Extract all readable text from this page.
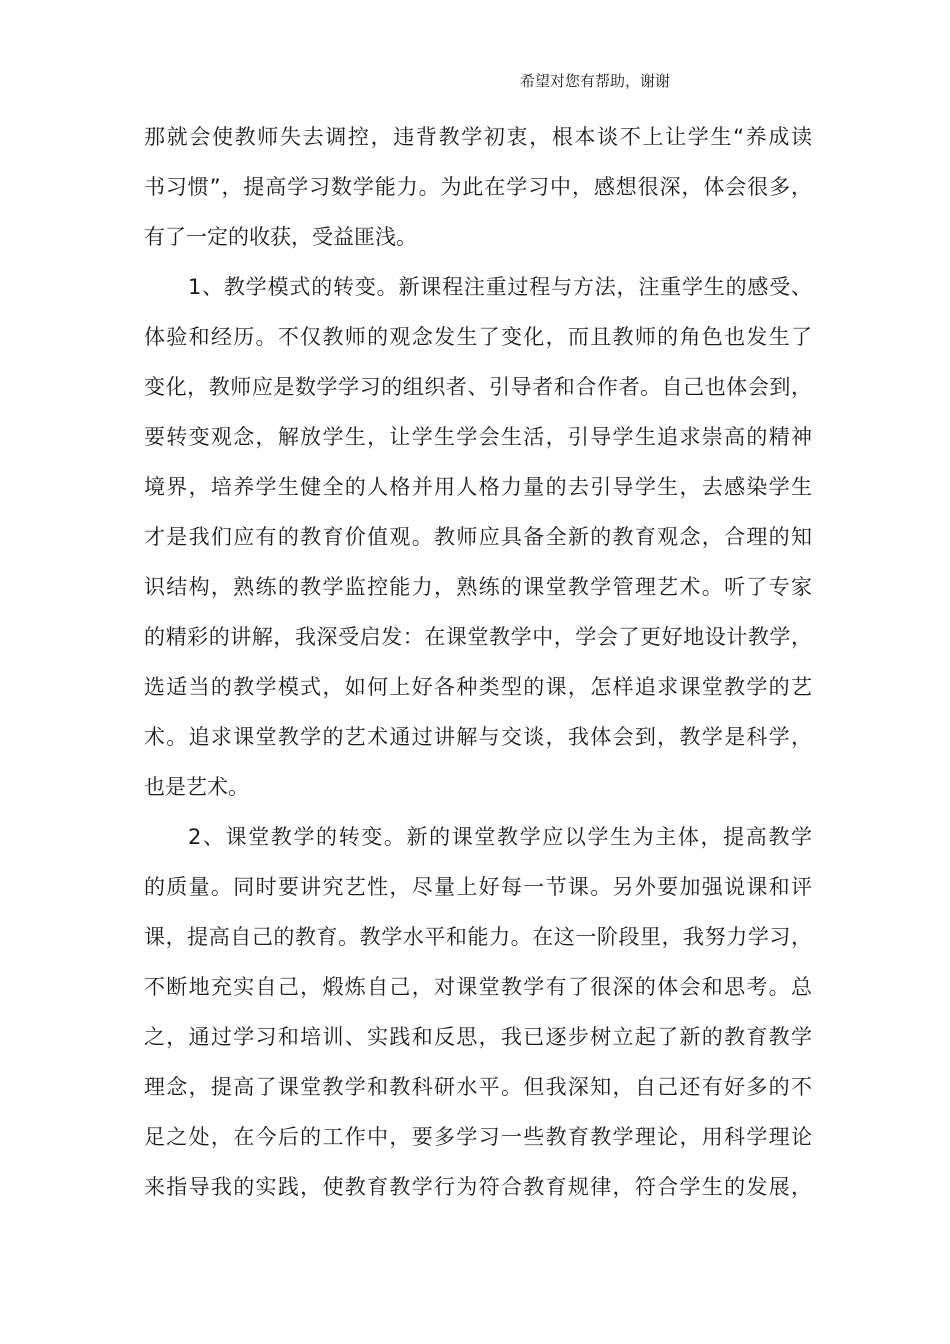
希望对您有帮助，谢谢
那就会使教师失去调控，违背教学初衷，根本谈不上让学生“养成读
书习惯”，提高学习数学能力。为此在学习中，感想很深，体会很多，
有了一定的收获，受益匪浅。
1、教学模式的转变。新课程注重过程与方法，注重学生的感受、
体验和经历。不仅教师的观念发生了变化，而且教师的角色也发生了
变化，教师应是数学学习的组织者、引导者和合作者。自己也体会到，
要转变观念，解放学生，让学生学会生活，引导学生追求崇高的精神
境界，培养学生健全的人格并用人格力量的去引导学生，去感染学生
才是我们应有的教育价值观。教师应具备全新的教育观念，合理的知
识结构，熟练的教学监控能力，熟练的课堂教学管理艺术。听了专家
的精彩的讲解，我深受启发：在课堂教学中，学会了更好地设计教学，
选适当的教学模式，如何上好各种类型的课，怎样追求课堂教学的艺
术。追求课堂教学的艺术通过讲解与交谈，我体会到，教学是科学，
也是艺术。
2、课堂教学的转变。新的课堂教学应以学生为主体，提高教学
的质量。同时要讲究艺性，尽量上好每一节课。另外要加强说课和评
课，提高自己的教育。教学水平和能力。在这一阶段里，我努力学习，
不断地充实自己，煅炼自己，对课堂教学有了很深的体会和思考。总
之，通过学习和培训、实践和反思，我已逐步树立起了新的教育教学
理念，提高了课堂教学和教科研水平。但我深知，自己还有好多的不
足之处，在今后的工作中，要多学习一些教育教学理论，用科学理论
来指导我的实践，使教育教学行为符合教育规律，符合学生的发展，
